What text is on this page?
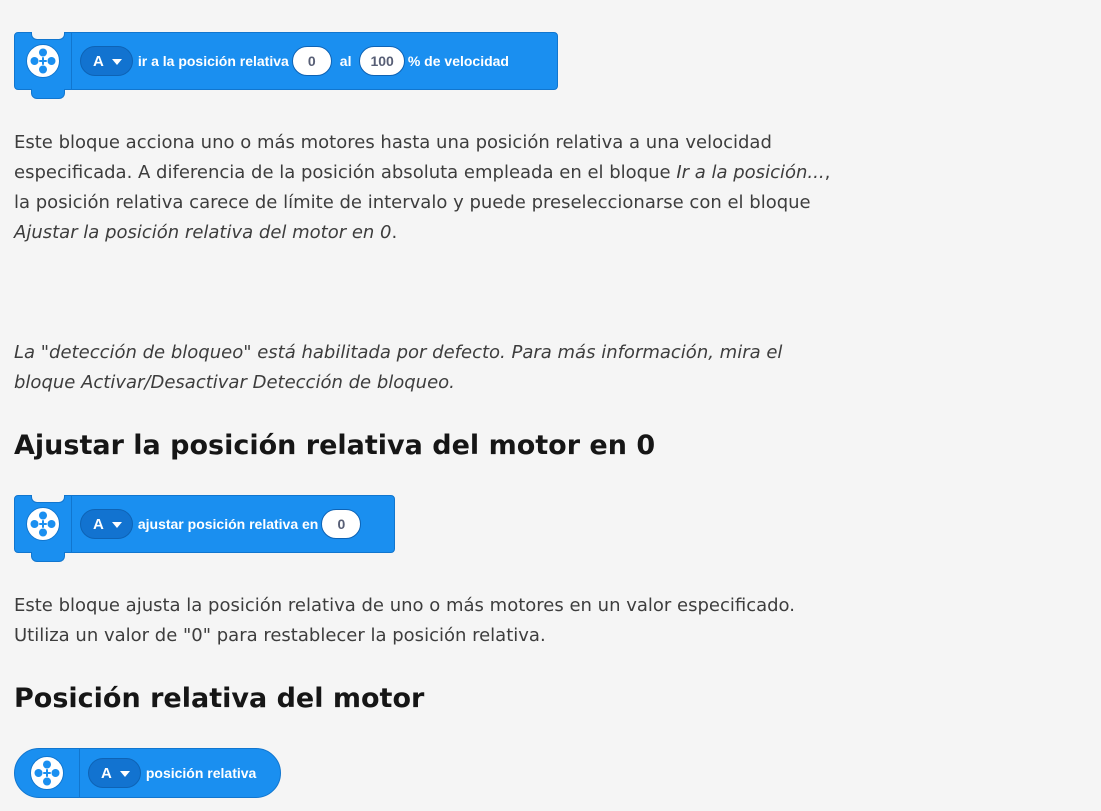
A ir a la posición relativa	0	al	100	% de velocidad

Este bloque acciona uno o más motores hasta una posición relativa a una velocidad especificada. A diferencia de la posición absoluta empleada en el bloque Ir a la posición..., la posición relativa carece de límite de intervalo y puede preseleccionarse con el bloque Ajustar la posición relativa del motor en 0.

La "detección de bloqueo" está habilitada por defecto. Para más información, mira el bloque Activar/Desactivar Detección de bloqueo.

Ajustar la posición relativa del motor en 0
A ajustar posición relativa en	0

Este bloque ajusta la posición relativa de uno o más motores en un valor especificado. Utiliza un valor de "0" para restablecer la posición relativa.

Posición relativa del motor
A posición relativa
